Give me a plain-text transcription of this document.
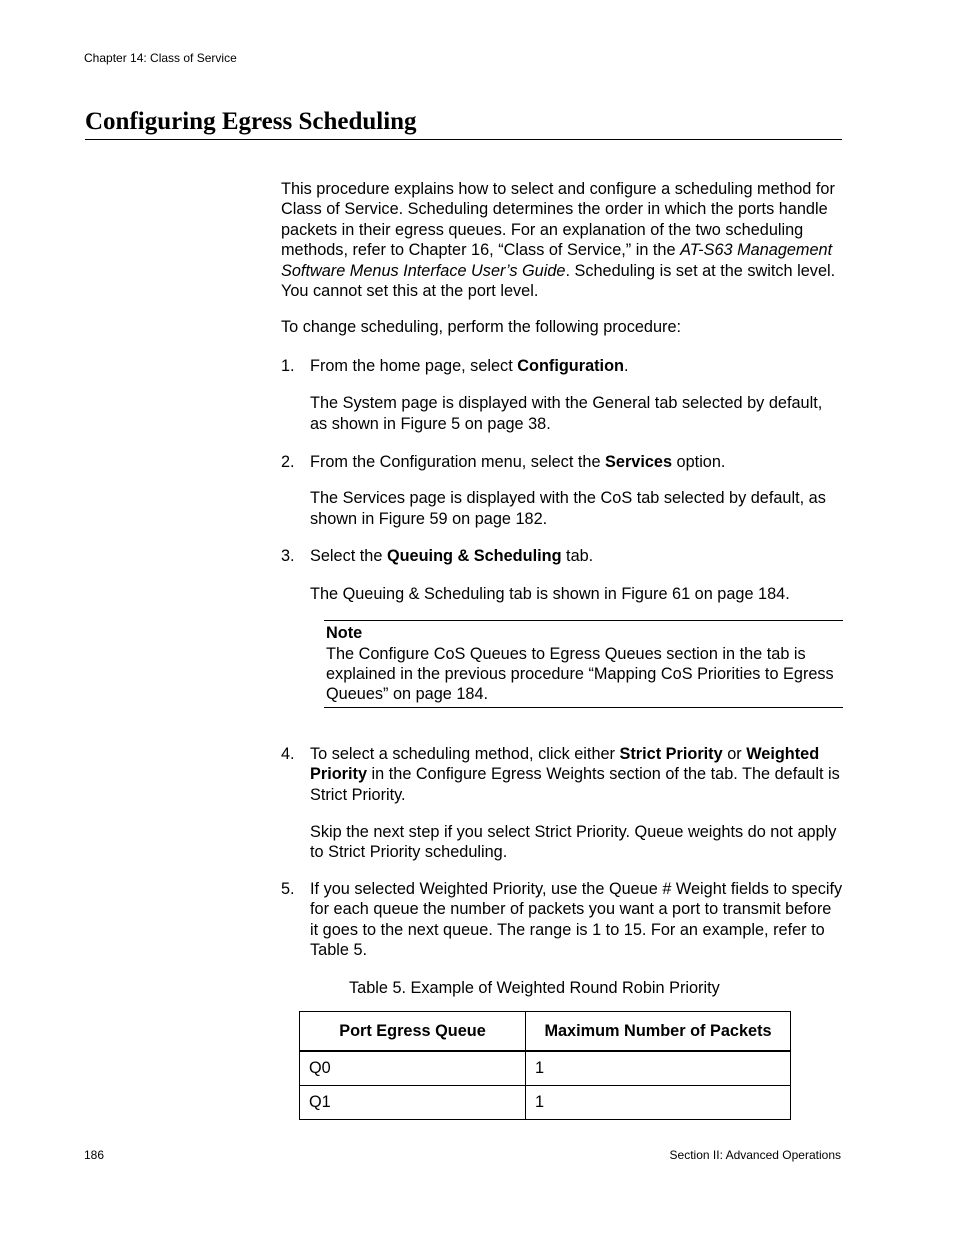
Chapter 14: Class of Service
Configuring Egress Scheduling

This procedure explains how to select and configure a scheduling method for Class of Service. Scheduling determines the order in which the ports handle packets in their egress queues. For an explanation of the two scheduling methods, refer to Chapter 16, “Class of Service,” in the AT-S63 Management Software Menus Interface User’s Guide. Scheduling is set at the switch level. You cannot set this at the port level.

To change scheduling, perform the following procedure:

1. From the home page, select Configuration.

The System page is displayed with the General tab selected by default, as shown in Figure 5 on page 38.

2. From the Configuration menu, select the Services option.

The Services page is displayed with the CoS tab selected by default, as shown in Figure 59 on page 182.

3. Select the Queuing & Scheduling tab.

The Queuing & Scheduling tab is shown in Figure 61 on page 184.

Note
The Configure CoS Queues to Egress Queues section in the tab is explained in the previous procedure “Mapping CoS Priorities to Egress Queues” on page 184.
4. To select a scheduling method, click either Strict Priority or Weighted Priority in the Configure Egress Weights section of the tab. The default is Strict Priority.

Skip the next step if you select Strict Priority. Queue weights do not apply to Strict Priority scheduling.

5. If you selected Weighted Priority, use the Queue # Weight fields to specify for each queue the number of packets you want a port to transmit before it goes to the next queue. The range is 1 to 15. For an example, refer to Table 5.
Table 5. Example of Weighted Round Robin Priority
Port Egress Queue	Maximum Number of Packets
Q0	1
Q1	1
186	Section II: Advanced Operations
